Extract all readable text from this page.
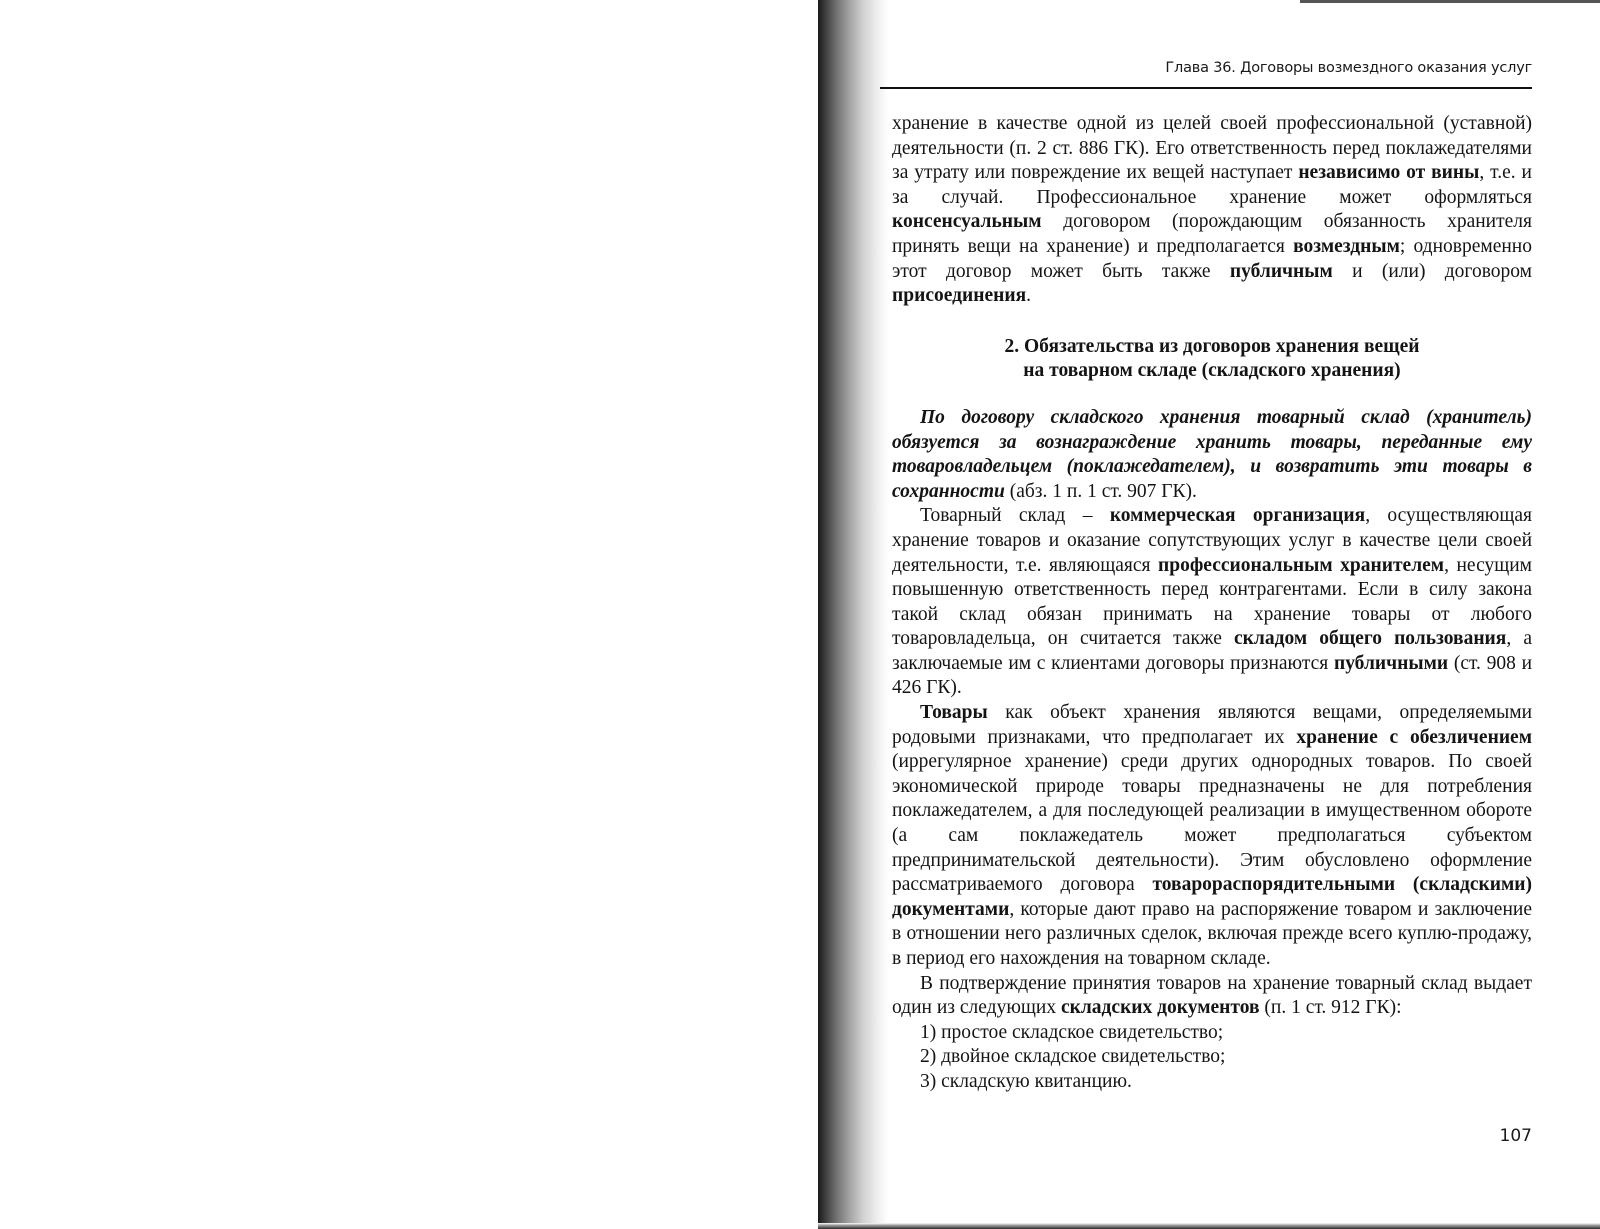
Глава 36. Договоры возмездного оказания услуг

хранение в качестве одной из целей своей профессиональной (уставной) деятельности (п. 2 ст. 886 ГК). Его ответственность перед поклажедателями за утрату или повреждение их вещей наступает независимо от вины, т.е. и за случай. Профессиональное хранение может оформляться консенсуальным договором (порождающим обязанность хранителя принять вещи на хранение) и предполагается возмездным; одновременно этот договор может быть также публичным и (или) договором присоединения.

2. Обязательства из договоров хранения вещей
на товарном складе (складского хранения)

По договору складского хранения товарный склад (хранитель) обязуется за вознаграждение хранить товары, переданные ему товаровладельцем (поклажедателем), и возвратить эти товары в сохранности (абз. 1 п. 1 ст. 907 ГК).

Товарный склад – коммерческая организация, осуществляющая хранение товаров и оказание сопутствующих услуг в качестве цели своей деятельности, т.е. являющаяся профессиональным хранителем, несущим повышенную ответственность перед контрагентами. Если в силу закона такой склад обязан принимать на хранение товары от любого товаровладельца, он считается также складом общего пользования, а заключаемые им с клиентами договоры признаются публичными (ст. 908 и 426 ГК).

Товары как объект хранения являются вещами, определяемыми родовыми признаками, что предполагает их хранение с обезличением (иррегулярное хранение) среди других однородных товаров. По своей экономической природе товары предназначены не для потребления поклажедателем, а для последующей реализации в имущественном обороте (а сам поклажедатель может предполагаться субъектом предпринимательской деятельности). Этим обусловлено оформление рассматриваемого договора товарораспорядительными (складскими) документами, которые дают право на распоряжение товаром и заключение в отношении него различных сделок, включая прежде всего куплю-продажу, в период его нахождения на товарном складе.

В подтверждение принятия товаров на хранение товарный склад выдает один из следующих складских документов (п. 1 ст. 912 ГК):

1) простое складское свидетельство;

2) двойное складское свидетельство;

3) складскую квитанцию.

107
